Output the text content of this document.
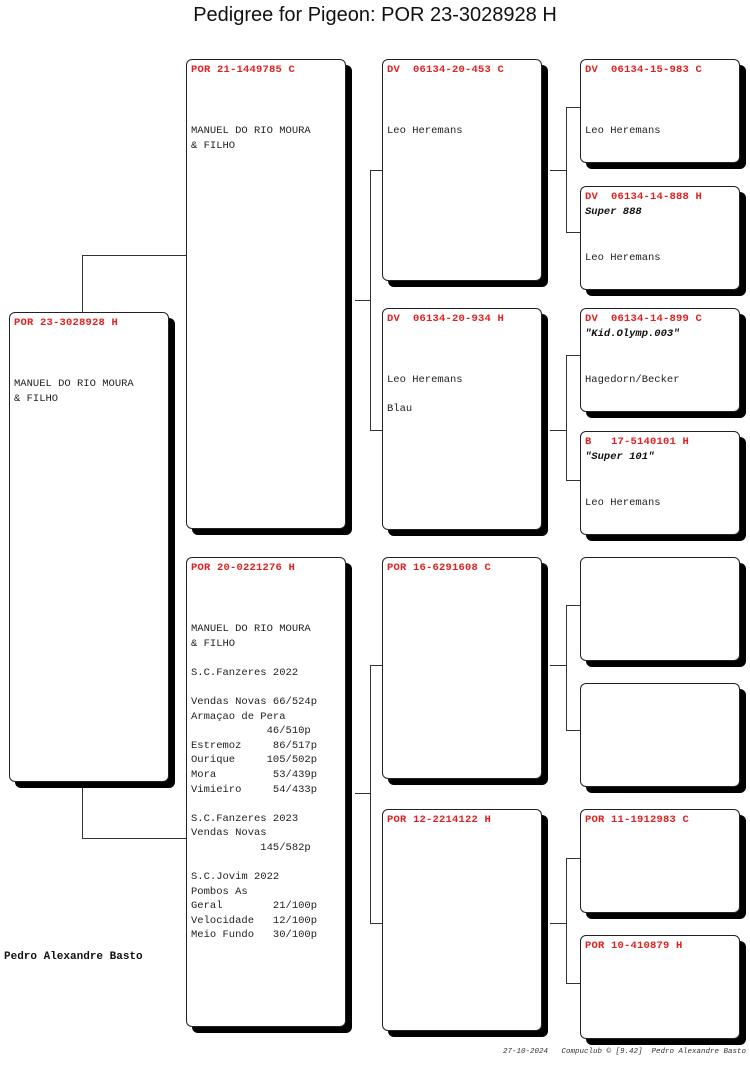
Pedigree for Pigeon: POR 23-3028928 H
POR 23-3028928 H
MANUEL DO RIO MOURA
& FILHO
POR 21-1449785 C
MANUEL DO RIO MOURA
& FILHO
POR 20-0221276 H
MANUEL DO RIO MOURA
& FILHO

S.C.Fanzeres 2022

Vendas Novas 66/524p
Armaçao de Pera
46/510p
Estremoz     86/517p
Ourique     105/502p
Mora         53/439p
Vimieiro     54/433p

S.C.Fanzeres 2023
Vendas Novas
145/582p

S.C.Jovim 2022
Pombos As
Geral        21/100p
Velocidade   12/100p
Meio Fundo   30/100p
DV  06134-20-453 C
Leo Heremans
DV  06134-20-934 H
Leo Heremans

Blau
POR 16-6291608 C
POR 12-2214122 H
DV  06134-15-983 C
Leo Heremans
DV  06134-14-888 H
Super 888
Leo Heremans
DV  06134-14-899 C
"Kid.Olymp.003"
Hagedorn/Becker
B   17-5140101 H
"Super 101"
Leo Heremans
POR 11-1912983 C
POR 10-410879 H
Pedro Alexandre Basto
27-10-2024   Compuclub © [9.42]  Pedro Alexandre Basto
